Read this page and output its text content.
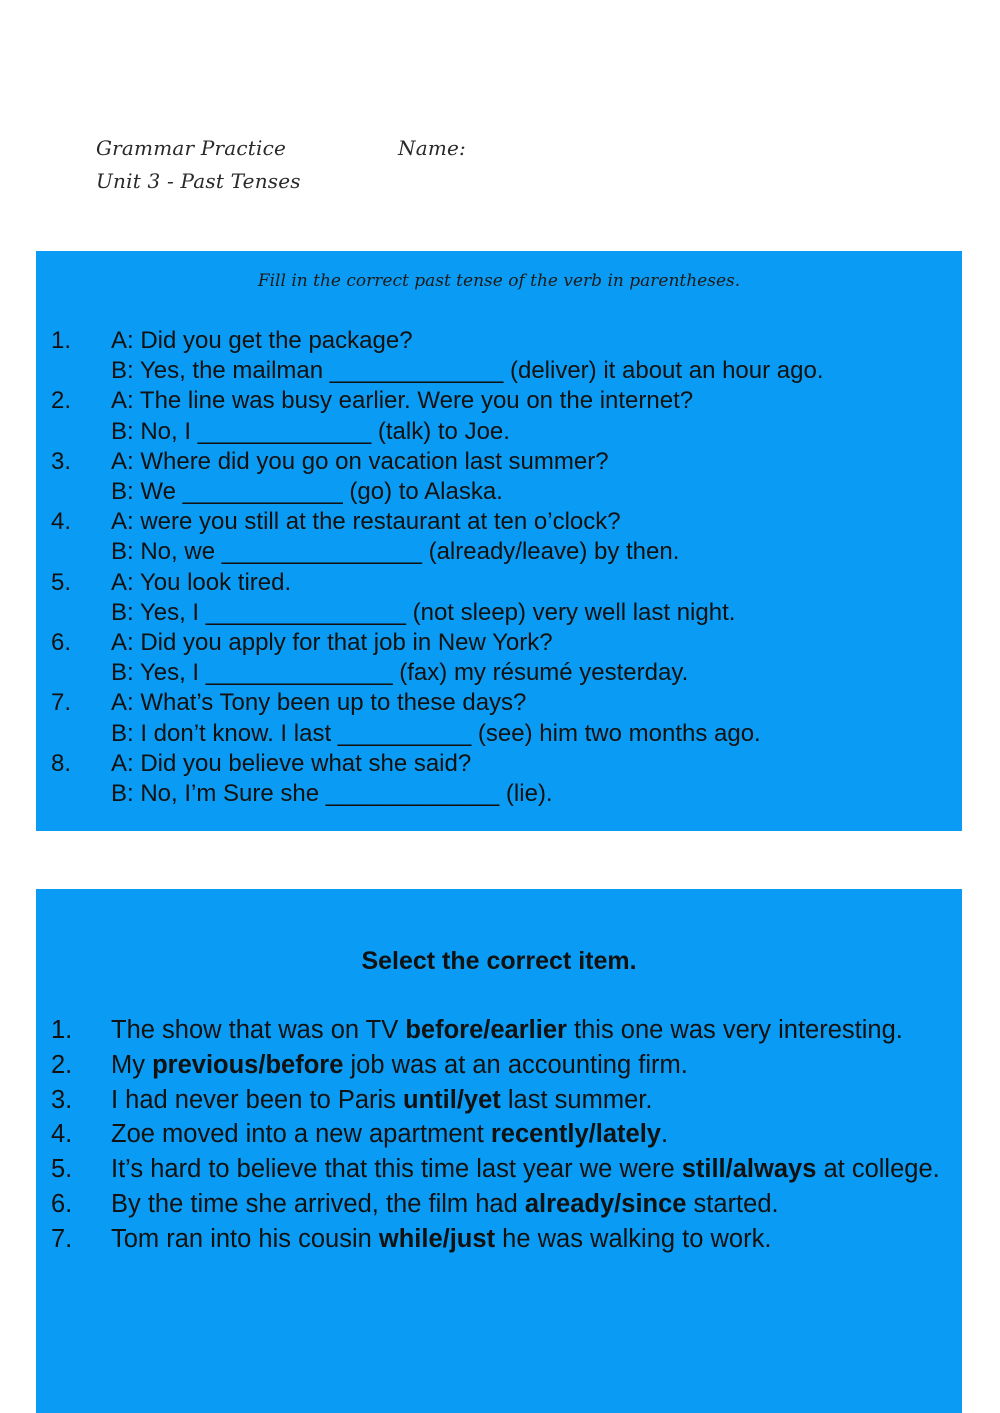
Grammar Practice	Name:
Unit 3 - Past Tenses
Fill in the correct past tense of the verb in parentheses.
1. A: Did you get the package?
B: Yes, the mailman _____________ (deliver) it about an hour ago.
2. A: The line was busy earlier. Were you on the internet?
B: No, I _____________ (talk) to Joe.
3. A: Where did you go on vacation last summer?
B: We ____________ (go) to Alaska.
4. A: were you still at the restaurant at ten o’clock?
B: No, we _______________ (already/leave) by then.
5. A: You look tired.
B: Yes, I _______________ (not sleep) very well last night.
6. A: Did you apply for that job in New York?
B: Yes, I ______________ (fax) my résumé yesterday.
7. A: What’s Tony been up to these days?
B: I don’t know. I last __________ (see) him two months ago.
8. A: Did you believe what she said?
B: No, I’m Sure she _____________ (lie).
Select the correct item.
1. The show that was on TV before/earlier this one was very interesting.
2. My previous/before job was at an accounting firm.
3. I had never been to Paris until/yet last summer.
4. Zoe moved into a new apartment recently/lately.
5. It’s hard to believe that this time last year we were still/always at college.
6. By the time she arrived, the film had already/since started.
7. Tom ran into his cousin while/just he was walking to work.
